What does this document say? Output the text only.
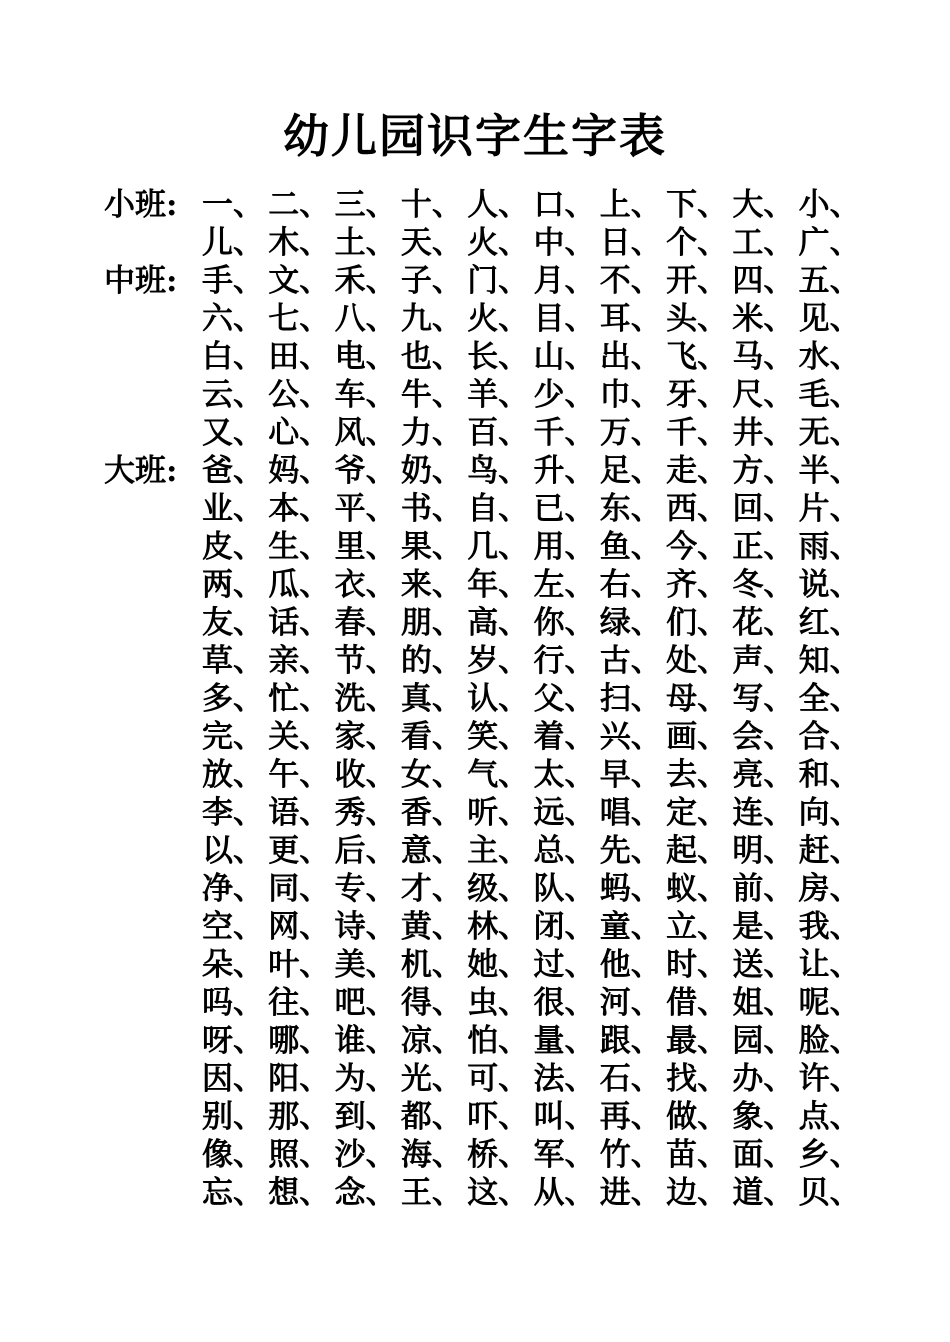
幼儿园识字生字表
小班: 一、 二、 三、 十、 人、 口、 上、 下、 大、 小、
儿、 木、 土、 天、 火、 中、 日、 个、 工、 广、
中班: 手、 文、 禾、 子、 门、 月、 不、 开、 四、 五、
六、 七、 八、 九、 火、 目、 耳、 头、 米、 见、
白、 田、 电、 也、 长、 山、 出、 飞、 马、 水、
云、 公、 车、 牛、 羊、 少、 巾、 牙、 尺、 毛、
又、 心、 风、 力、 百、 千、 万、 千、 井、 无、
大班: 爸、 妈、 爷、 奶、 鸟、 升、 足、 走、 方、 半、
业、 本、 平、 书、 自、 已、 东、 西、 回、 片、
皮、 生、 里、 果、 几、 用、 鱼、 今、 正、 雨、
两、 瓜、 衣、 来、 年、 左、 右、 齐、 冬、 说、
友、 话、 春、 朋、 高、 你、 绿、 们、 花、 红、
草、 亲、 节、 的、 岁、 行、 古、 处、 声、 知、
多、 忙、 洗、 真、 认、 父、 扫、 母、 写、 全、
完、 关、 家、 看、 笑、 着、 兴、 画、 会、 合、
放、 午、 收、 女、 气、 太、 早、 去、 亮、 和、
李、 语、 秀、 香、 听、 远、 唱、 定、 连、 向、
以、 更、 后、 意、 主、 总、 先、 起、 明、 赶、
净、 同、 专、 才、 级、 队、 蚂、 蚁、 前、 房、
空、 网、 诗、 黄、 林、 闭、 童、 立、 是、 我、
朵、 叶、 美、 机、 她、 过、 他、 时、 送、 让、
吗、 往、 吧、 得、 虫、 很、 河、 借、 姐、 呢、
呀、 哪、 谁、 凉、 怕、 量、 跟、 最、 园、 脸、
因、 阳、 为、 光、 可、 法、 石、 找、 办、 许、
别、 那、 到、 都、 吓、 叫、 再、 做、 象、 点、
像、 照、 沙、 海、 桥、 军、 竹、 苗、 面、 乡、
忘、 想、 念、 王、 这、 从、 进、 边、 道、 贝、
